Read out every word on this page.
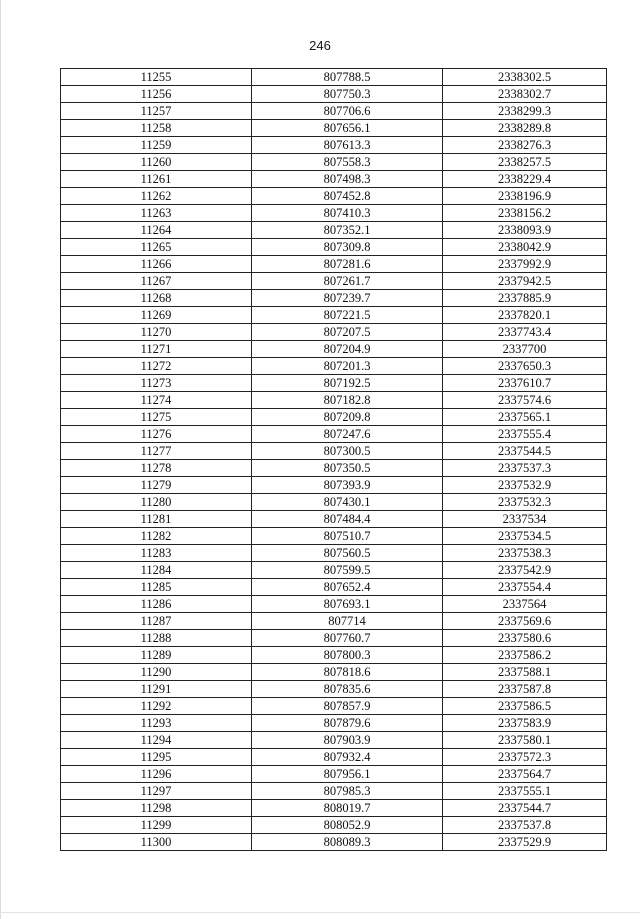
246
11255	807788.5	2338302.5
11256	807750.3	2338302.7
11257	807706.6	2338299.3
11258	807656.1	2338289.8
11259	807613.3	2338276.3
11260	807558.3	2338257.5
11261	807498.3	2338229.4
11262	807452.8	2338196.9
11263	807410.3	2338156.2
11264	807352.1	2338093.9
11265	807309.8	2338042.9
11266	807281.6	2337992.9
11267	807261.7	2337942.5
11268	807239.7	2337885.9
11269	807221.5	2337820.1
11270	807207.5	2337743.4
11271	807204.9	2337700
11272	807201.3	2337650.3
11273	807192.5	2337610.7
11274	807182.8	2337574.6
11275	807209.8	2337565.1
11276	807247.6	2337555.4
11277	807300.5	2337544.5
11278	807350.5	2337537.3
11279	807393.9	2337532.9
11280	807430.1	2337532.3
11281	807484.4	2337534
11282	807510.7	2337534.5
11283	807560.5	2337538.3
11284	807599.5	2337542.9
11285	807652.4	2337554.4
11286	807693.1	2337564
11287	807714	2337569.6
11288	807760.7	2337580.6
11289	807800.3	2337586.2
11290	807818.6	2337588.1
11291	807835.6	2337587.8
11292	807857.9	2337586.5
11293	807879.6	2337583.9
11294	807903.9	2337580.1
11295	807932.4	2337572.3
11296	807956.1	2337564.7
11297	807985.3	2337555.1
11298	808019.7	2337544.7
11299	808052.9	2337537.8
11300	808089.3	2337529.9
